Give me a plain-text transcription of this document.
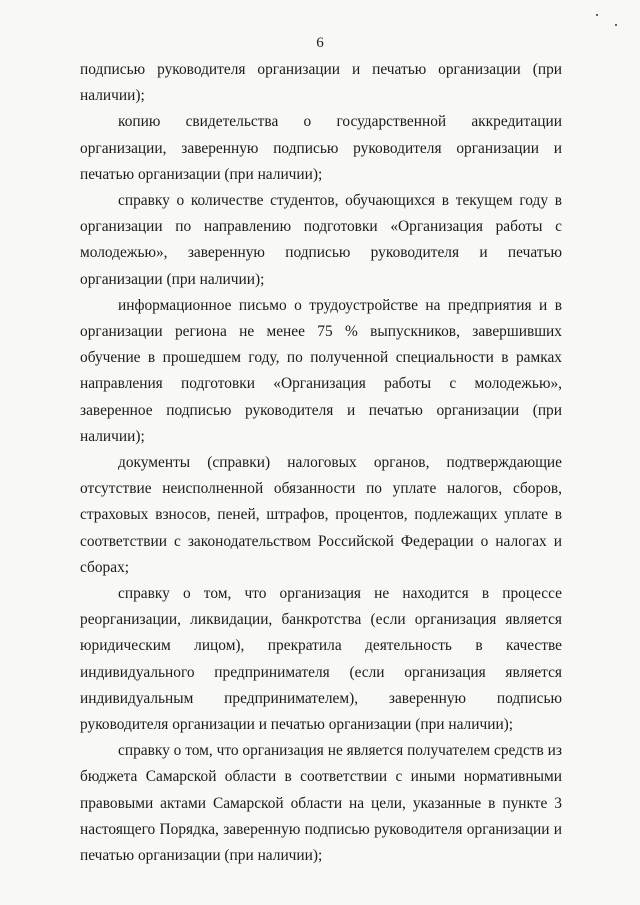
6

подписью руководителя организации и печатью организации (при наличии);

копию свидетельства о государственной аккредитации организации, заверенную подписью руководителя организации и печатью организации (при наличии);

справку о количестве студентов, обучающихся в текущем году в организации по направлению подготовки «Организация работы с молодежью», заверенную подписью руководителя и печатью организации (при наличии);

информационное письмо о трудоустройстве на предприятия и в организации региона не менее 75 % выпускников, завершивших обучение в прошедшем году, по полученной специальности в рамках направления подготовки «Организация работы с молодежью», заверенное подписью руководителя и печатью организации (при наличии);

документы (справки) налоговых органов, подтверждающие отсутствие неисполненной обязанности по уплате налогов, сборов, страховых взносов, пеней, штрафов, процентов, подлежащих уплате в соответствии с законодательством Российской Федерации о налогах и сборах;

справку о том, что организация не находится в процессе реорганизации, ликвидации, банкротства (если организация является юридическим лицом), прекратила деятельность в качестве индивидуального предпринимателя (если организация является индивидуальным предпринимателем), заверенную подписью руководителя организации и печатью организации (при наличии);

справку о том, что организация не является получателем средств из бюджета Самарской области в соответствии с иными нормативными правовыми актами Самарской области на цели, указанные в пункте 3 настоящего Порядка, заверенную подписью руководителя организации и печатью организации (при наличии);
